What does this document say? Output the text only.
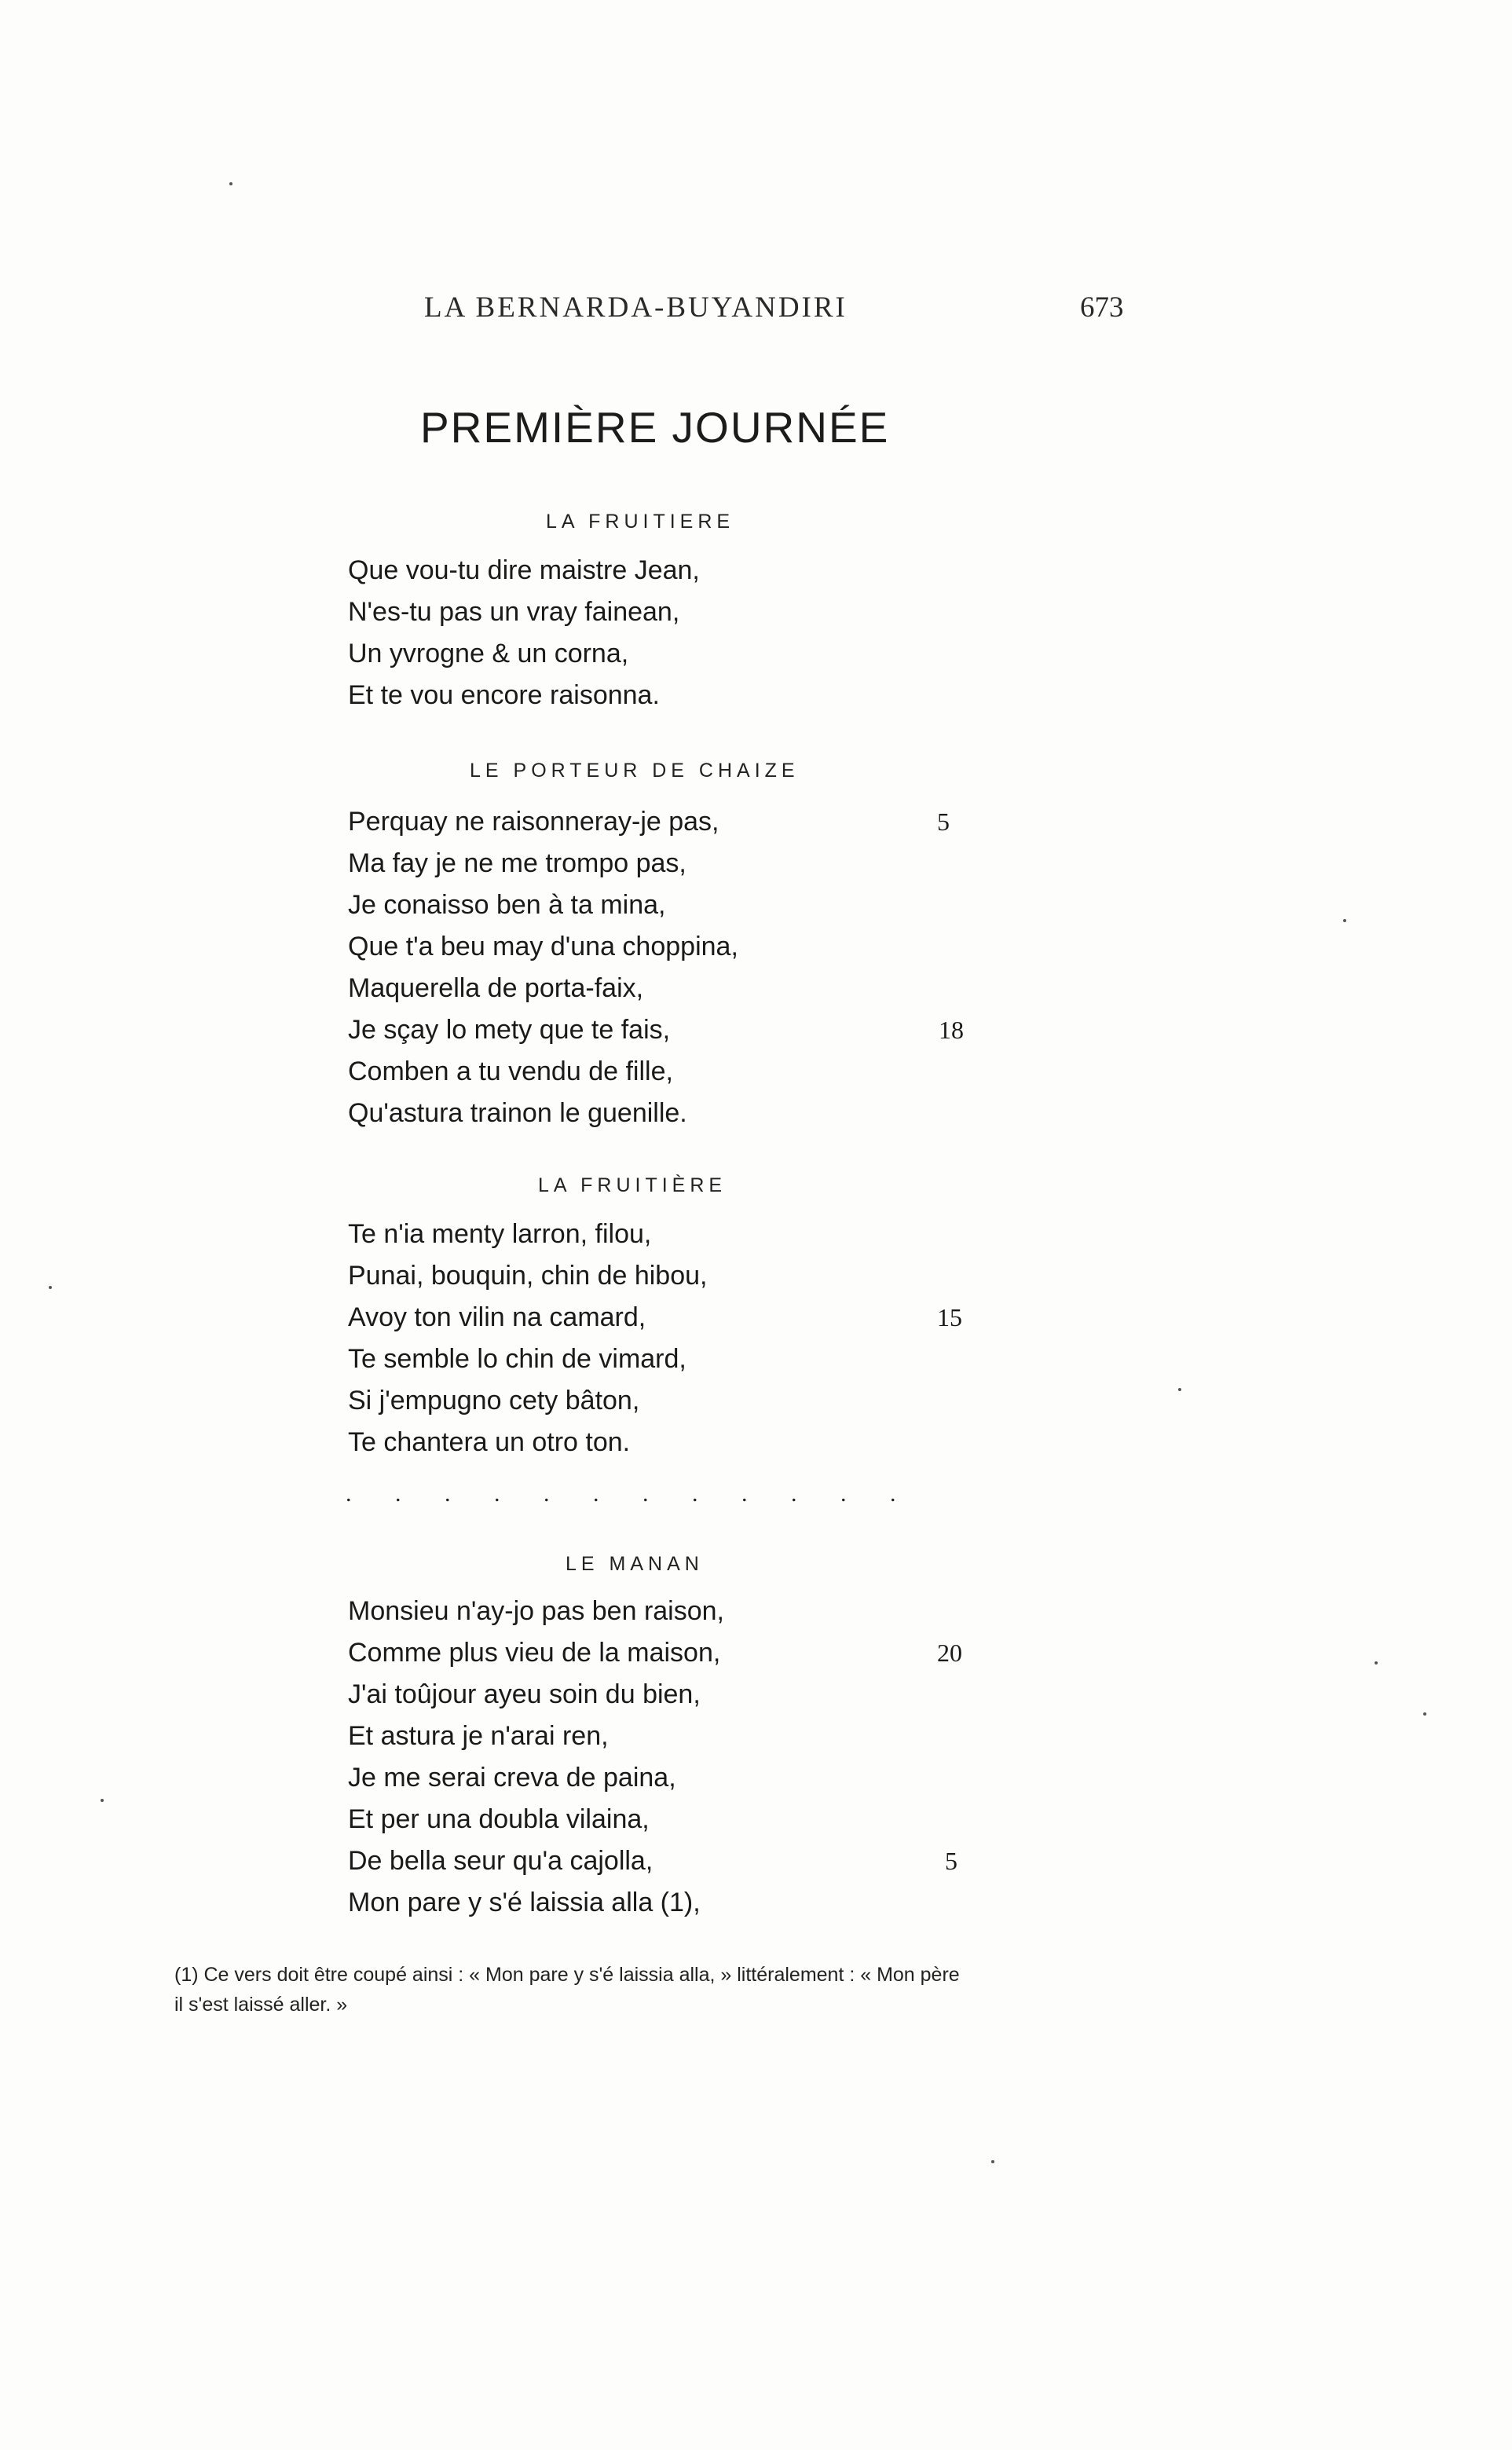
LA BERNARDA-BUYANDIRI	673
PREMIÈRE JOURNÉE
LA FRUITIERE
Que vou-tu dire maistre Jean,
N'es-tu pas un vray fainean,
Un yvrogne & un corna,
Et te vou encore raisonna.
LE PORTEUR DE CHAIZE
Perquay ne raisonneray-je pas,	5
Ma fay je ne me trompo pas,
Je conaisso ben à ta mina,
Que t'a beu may d'una choppina,
Maquerella de porta-faix,
Je sçay lo mety que te fais,	18
Comben a tu vendu de fille,
Qu'astura trainon le guenille.
LA FRUITIÈRE
Te n'ia menty larron, filou,
Punai, bouquin, chin de hibou,
Avoy ton vilin na camard,	15
Te semble lo chin de vimard,
Si j'empugno cety bâton,
Te chantera un otro ton.
. . . . . . . . . . . .
LE MANAN
Monsieu n'ay-jo pas ben raison,
Comme plus vieu de la maison,	20
J'ai toûjour ayeu soin du bien,
Et astura je n'arai ren,
Je me serai creva de paina,
Et per una doubla vilaina,
De bella seur qu'a cajolla,	5
Mon pare y s'é laissia alla (1),

(1) Ce vers doit être coupé ainsi : « Mon pare y s'é laissia alla, » littéralement : « Mon père

il s'est laissé aller. »
